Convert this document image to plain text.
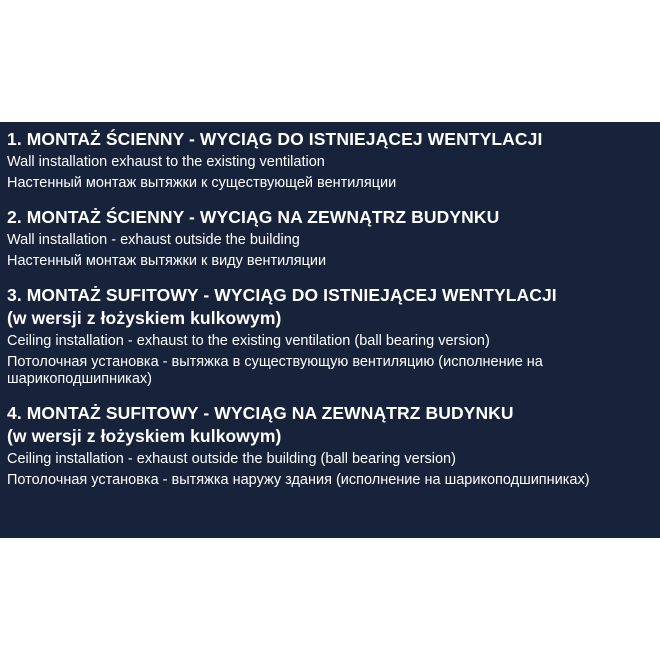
1. MONTAŻ ŚCIENNY - WYCIĄG DO ISTNIEJĄCEJ WENTYLACJI
Wall installation exhaust to the existing ventilation
Настенный монтаж вытяжки к существующей вентиляции
2. MONTAŻ ŚCIENNY - WYCIĄG NA ZEWNĄTRZ BUDYNKU
Wall installation - exhaust outside the building
Настенный монтаж вытяжки к виду вентиляции
3. MONTAŻ SUFITOWY - WYCIĄG DO ISTNIEJĄCEJ WENTYLACJI
(w wersji z łożyskiem kulkowym)
Ceiling installation - exhaust to the existing ventilation (ball bearing version)
Потолочная установка - вытяжка в существующую вентиляцию (исполнение на шарикоподшипниках)
4. MONTAŻ SUFITOWY - WYCIĄG NA ZEWNĄTRZ BUDYNKU
(w wersji z łożyskiem kulkowym)
Ceiling installation - exhaust outside the building (ball bearing version)
Потолочная установка - вытяжка наружу здания (исполнение на шарикоподшипниках)
